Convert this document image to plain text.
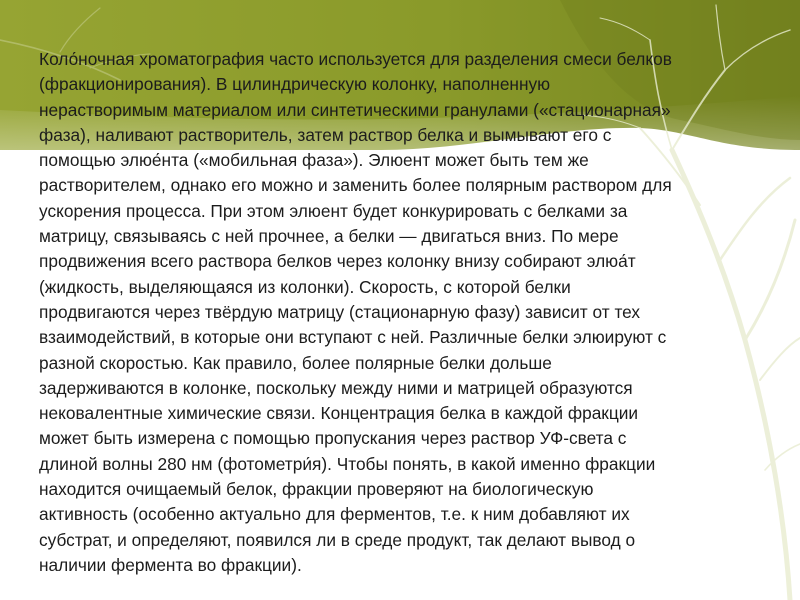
Коло́ночная хроматография часто используется для разделения смеси белков
(фракционирования). В цилиндрическую колонку, наполненную
нерастворимым материалом или синтетическими гранулами («стационарная»
фаза), наливают растворитель, затем раствор белка и вымывают его с
помощью элюе́нта («мобильная фаза»). Элюент может быть тем же
растворителем, однако его можно и заменить более полярным раствором для
ускорения процесса. При этом элюент будет конкурировать с белками за
матрицу, связываясь с ней прочнее, а белки — двигаться вниз. По мере
продвижения всего раствора белков через колонку внизу собирают элюа́т
(жидкость, выделяющаяся из колонки). Скорость, с которой белки
продвигаются через твёрдую матрицу (стационарную фазу) зависит от тех
взаимодействий, в которые они вступают с ней. Различные белки элюируют с
разной скоростью. Как правило, более полярные белки дольше
задерживаются в колонке, поскольку между ними и матрицей образуются
нековалентные химические связи. Концентрация белка в каждой фракции
может быть измерена с помощью пропускания через раствор УФ-света с
длиной волны 280 нм (фотометри́я). Чтобы понять, в какой именно фракции
находится очищаемый белок, фракции проверяют на биологическую
активность (особенно актуально для ферментов, т.е. к ним добавляют их
субстрат, и определяют, появился ли в среде продукт, так делают вывод о
наличии фермента во фракции).
